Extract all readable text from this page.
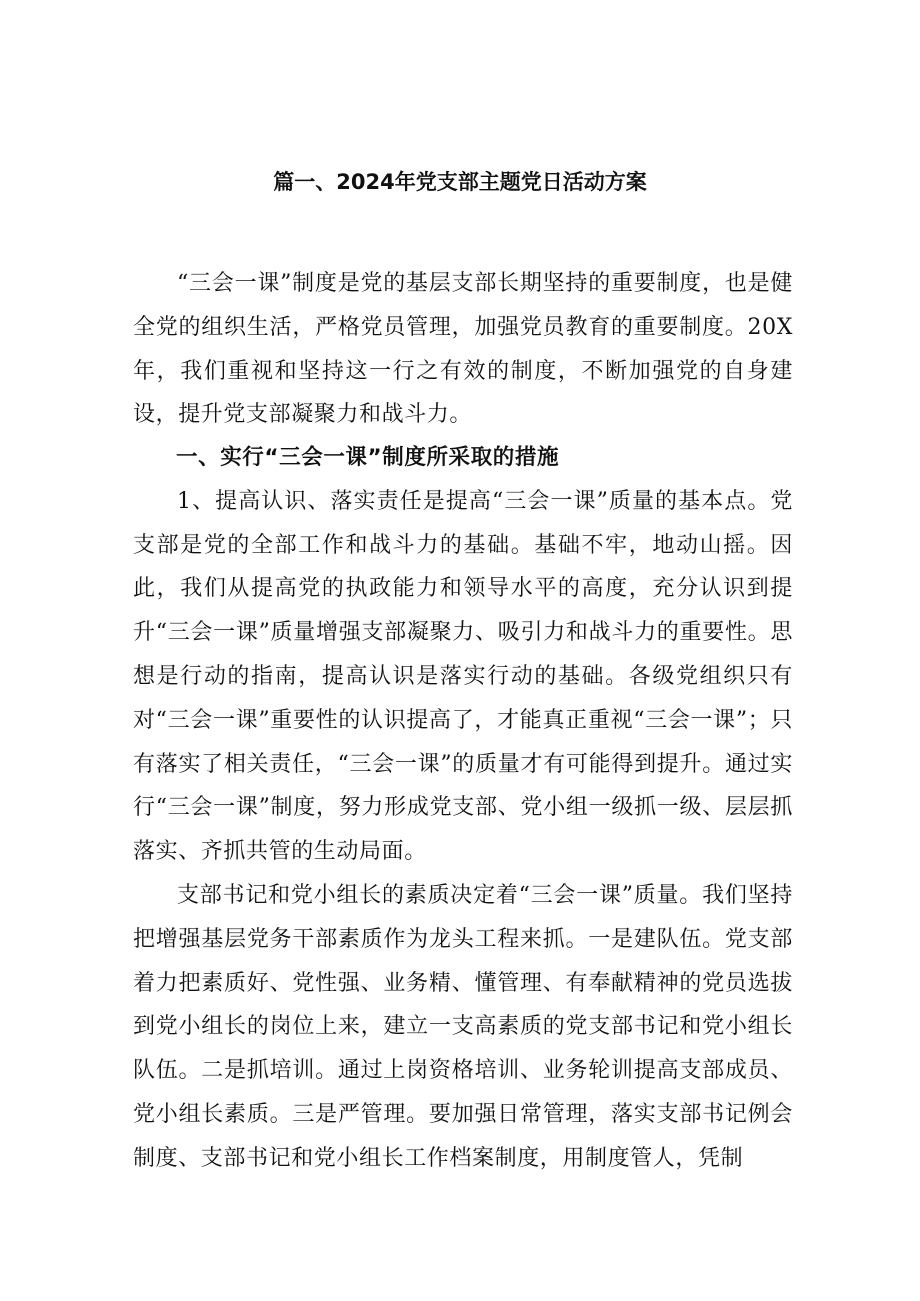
篇一、2024年党支部主题党日活动方案

“三会一课”制度是党的基层支部长期坚持的重要制度，也是健全党的组织生活，严格党员管理，加强党员教育的重要制度。20X年，我们重视和坚持这一行之有效的制度，不断加强党的自身建设，提升党支部凝聚力和战斗力。

一、实行“三会一课”制度所采取的措施

1、提高认识、落实责任是提高“三会一课”质量的基本点。党支部是党的全部工作和战斗力的基础。基础不牢，地动山摇。因此，我们从提高党的执政能力和领导水平的高度，充分认识到提升“三会一课”质量增强支部凝聚力、吸引力和战斗力的重要性。思想是行动的指南，提高认识是落实行动的基础。各级党组织只有对“三会一课”重要性的认识提高了，才能真正重视“三会一课”；只有落实了相关责任，“三会一课”的质量才有可能得到提升。通过实行“三会一课”制度，努力形成党支部、党小组一级抓一级、层层抓落实、齐抓共管的生动局面。

支部书记和党小组长的素质决定着“三会一课”质量。我们坚持把增强基层党务干部素质作为龙头工程来抓。一是建队伍。党支部着力把素质好、党性强、业务精、懂管理、有奉献精神的党员选拔到党小组长的岗位上来，建立一支高素质的党支部书记和党小组长队伍。二是抓培训。通过上岗资格培训、业务轮训提高支部成员、党小组长素质。三是严管理。要加强日常管理，落实支部书记例会制度、支部书记和党小组长工作档案制度，用制度管人，凭制
